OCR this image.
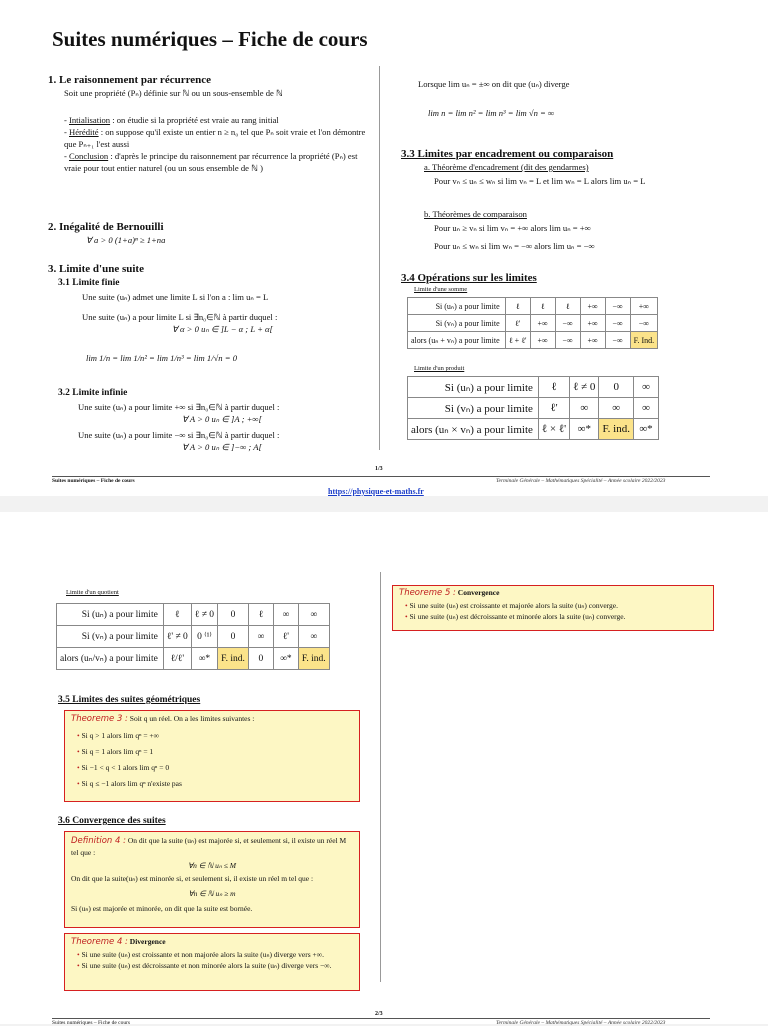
Suites numériques – Fiche de cours
1. Le raisonnement par récurrence
Soit une propriété (Pₙ) définie sur ℕ ou un sous-ensemble de ℕ
- Intialisation : on étudie si la propriété est vraie au rang initial
- Hérédité : on suppose qu'il existe un entier n ≥ n₀ tel que Pₙ soit vraie et l'on démontre que Pₙ₊₁ l'est aussi
- Conclusion : d'après le principe du raisonnement par récurrence la propriété (Pₙ) est vraie pour tout entier naturel (ou un sous ensemble de ℕ )
2. Inégalité de Bernouilli
∀ a > 0 (1+a)ⁿ ≥ 1+na
3. Limite d'une suite
3.1 Limite finie
Une suite (uₙ) admet une limite L si l'on a : lim uₙ = L
Une suite (uₙ) a pour limite L si ∃n₀∈ℕ à partir duquel :
∀ α > 0 uₙ ∈ ]L − α ; L + α[
lim 1/n = lim 1/n² = lim 1/n³ = lim 1/√n = 0
3.2 Limite infinie
Une suite (uₙ) a pour limite +∞ si ∃n₀∈ℕ à partir duquel :
∀ A > 0 uₙ ∈ ]A ; +∞[
Une suite (uₙ) a pour limite −∞ si ∃n₀∈ℕ à partir duquel :
∀ A > 0 uₙ ∈ ]−∞ ; A[
Lorsque lim uₙ = ±∞ on dit que (uₙ) diverge
lim n = lim n² = lim n³ = lim √n = ∞
3.3 Limites par encadrement ou comparaison
a. Théorème d'encadrement (dit des gendarmes)
Pour vₙ ≤ uₙ ≤ wₙ si lim vₙ = L et lim wₙ = L alors lim uₙ = L
b. Théorèmes de comparaison
Pour uₙ ≥ vₙ si lim vₙ = +∞ alors lim uₙ = +∞
Pour uₙ ≤ wₙ si lim wₙ = −∞ alors lim uₙ = −∞
3.4 Opérations sur les limites
Limite d'une somme
Si (uₙ) a pour limite	ℓ	ℓ	ℓ	+∞	−∞	+∞
Si (vₙ) a pour limite	ℓ'	+∞	−∞	+∞	−∞	−∞
alors (uₙ + vₙ) a pour limite	ℓ + ℓ'	+∞	−∞	+∞	−∞	F. Ind.
Limite d'un produit
Si (uₙ) a pour limite	ℓ	ℓ ≠ 0	0	∞
Si (vₙ) a pour limite	ℓ'	∞	∞	∞
alors (uₙ × vₙ) a pour limite	ℓ × ℓ'	∞*	F. ind.	∞*
1/3
Suites numériques – Fiche de cours	Terminale Générale – Mathématiques Spécialité – Année scolaire 2022/2023
https://physique-et-maths.fr
Limite d'un quotient
Si (uₙ) a pour limite	ℓ	ℓ ≠ 0	0	ℓ	∞	∞
Si (vₙ) a pour limite	ℓ' ≠ 0	0 ⁽¹⁾	0	∞	ℓ'	∞
alors (uₙ/vₙ) a pour limite	ℓ/ℓ'	∞*	F. ind.	0	∞*	F. ind.
3.5 Limites des suites géométriques
Theoreme 3 : Soit q un réel. On a les limites suivantes :
• Si q > 1 alors lim qⁿ = +∞
• Si q = 1 alors lim qⁿ = 1
• Si −1 < q < 1 alors lim qⁿ = 0
• Si q ≤ −1 alors lim qⁿ n'existe pas
3.6 Convergence des suites
Definition 4 : On dit que la suite (uₙ) est majorée si, et seulement si, il existe un réel M tel que :
∀n ∈ ℕ uₙ ≤ M
On dit que la suite(uₙ) est minorée si, et seulement si, il existe un réel m tel que :
∀n ∈ ℕ uₙ ≥ m
Si (uₙ) est majorée et minorée, on dit que la suite est bornée.
Theoreme 4 : Divergence
• Si une suite (uₙ) est croissante et non majorée alors la suite (uₙ) diverge vers +∞.
• Si une suite (uₙ) est décroissante et non minorée alors la suite (uₙ) diverge vers −∞.
Theoreme 5 : Convergence
• Si une suite (uₙ) est croissante et majorée alors la suite (uₙ) converge.
• Si une suite (uₙ) est décroissante et minorée alors la suite (uₙ) converge.
2/3
Suites numériques – Fiche de cours	Terminale Générale – Mathématiques Spécialité – Année scolaire 2022/2023
